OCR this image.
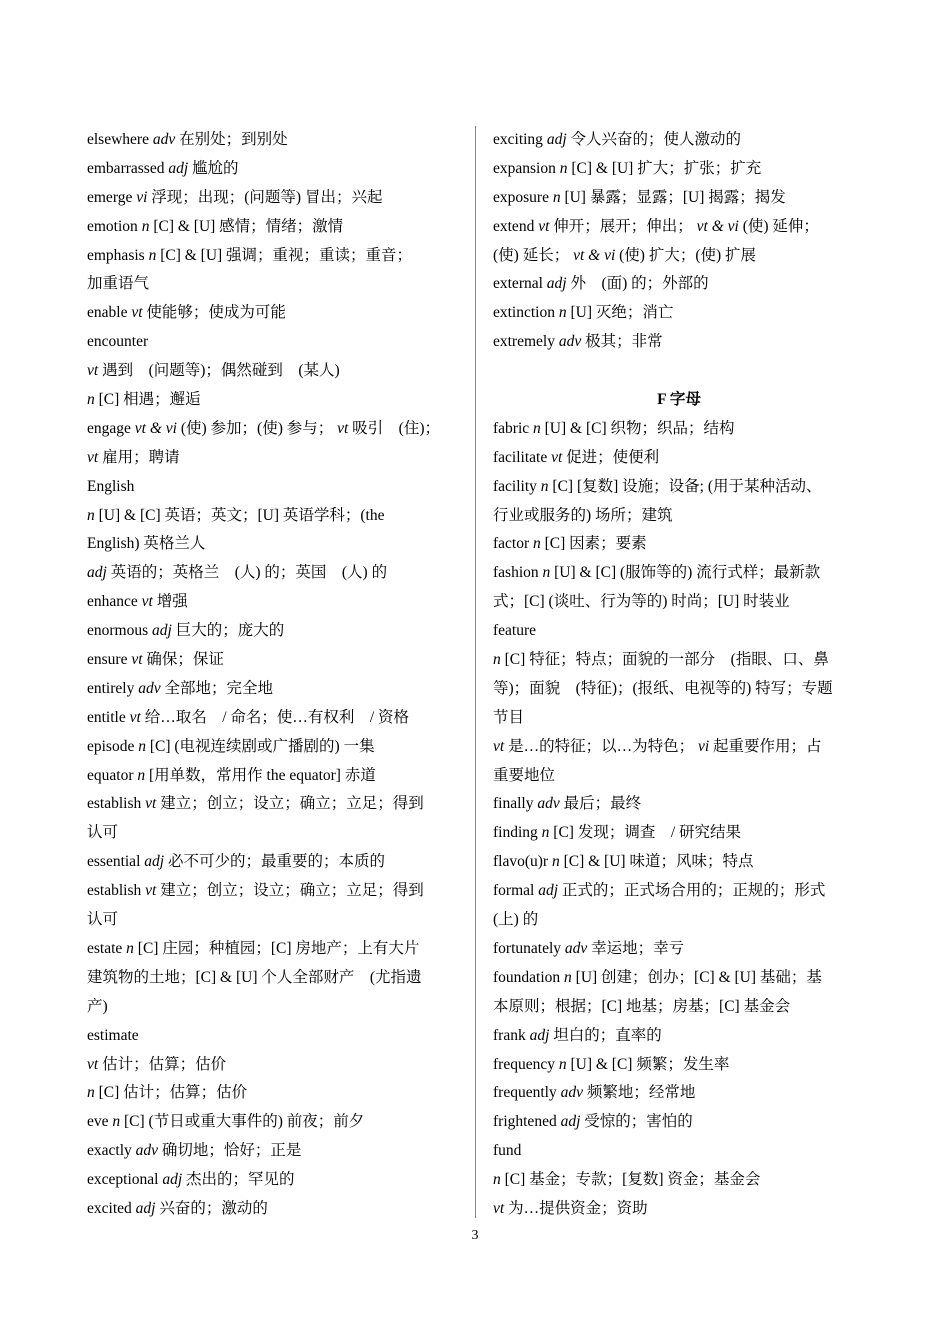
elsewhere adv 在别处；到别处
embarrassed adj 尴尬的
emerge vi 浮现；出现；(问题等) 冒出；兴起
emotion n [C] & [U] 感情；情绪；激情
emphasis n [C] & [U] 强调；重视；重读；重音；
加重语气
enable vt 使能够；使成为可能
encounter
vt 遇到　(问题等)；偶然碰到　(某人)
n [C] 相遇；邂逅
engage vt & vi (使) 参加；(使) 参与； vt 吸引　(住)；
vt 雇用；聘请
English
n [U] & [C] 英语；英文；[U] 英语学科；(the
English) 英格兰人
adj 英语的；英格兰　(人) 的；英国　(人) 的
enhance vt 增强
enormous adj 巨大的；庞大的
ensure vt 确保；保证
entirely adv 全部地；完全地
entitle vt 给…取名　/ 命名；使…有权利　/ 资格
episode n [C] (电视连续剧或广播剧的) 一集
equator n [用单数，常用作 the equator] 赤道
establish vt 建立；创立；设立；确立；立足；得到
认可
essential adj 必不可少的；最重要的；本质的
establish vt 建立；创立；设立；确立；立足；得到
认可
estate n [C] 庄园；种植园；[C] 房地产；上有大片
建筑物的土地；[C] & [U] 个人全部财产　(尤指遗
产)
estimate
vt 估计；估算；估价
n [C] 估计；估算；估价
eve n [C] (节日或重大事件的) 前夜；前夕
exactly adv 确切地；恰好；正是
exceptional adj 杰出的；罕见的
excited adj 兴奋的；激动的
exciting adj 令人兴奋的；使人激动的
expansion n [C] & [U] 扩大；扩张；扩充
exposure n [U] 暴露；显露；[U] 揭露；揭发
extend vt 伸开；展开；伸出； vt & vi (使) 延伸；
(使) 延长； vt & vi (使) 扩大；(使) 扩展
external adj 外　(面) 的；外部的
extinction n [U] 灭绝；消亡
extremely adv 极其；非常
F 字母
fabric n [U] & [C] 织物；织品；结构
facilitate vt 促进；使便利
facility n [C] [复数] 设施；设备; (用于某种活动、
行业或服务的) 场所；建筑
factor n [C] 因素；要素
fashion n [U] & [C] (服饰等的) 流行式样；最新款
式；[C] (谈吐、行为等的) 时尚；[U] 时装业
feature
n [C] 特征；特点；面貌的一部分　(指眼、口、鼻
等)；面貌　(特征)；(报纸、电视等的) 特写；专题
节目
vt 是…的特征；以…为特色； vi 起重要作用；占
重要地位
finally adv 最后；最终
finding n [C] 发现；调查　/ 研究结果
flavo(u)r n [C] & [U] 味道；风味；特点
formal adj 正式的；正式场合用的；正规的；形式
(上) 的
fortunately adv 幸运地；幸亏
foundation n [U] 创建；创办；[C] & [U] 基础；基
本原则；根据；[C] 地基；房基；[C] 基金会
frank adj 坦白的；直率的
frequency n [U] & [C] 频繁；发生率
frequently adv 频繁地；经常地
frightened adj 受惊的；害怕的
fund
n [C] 基金；专款；[复数] 资金；基金会
vt 为…提供资金；资助
3
